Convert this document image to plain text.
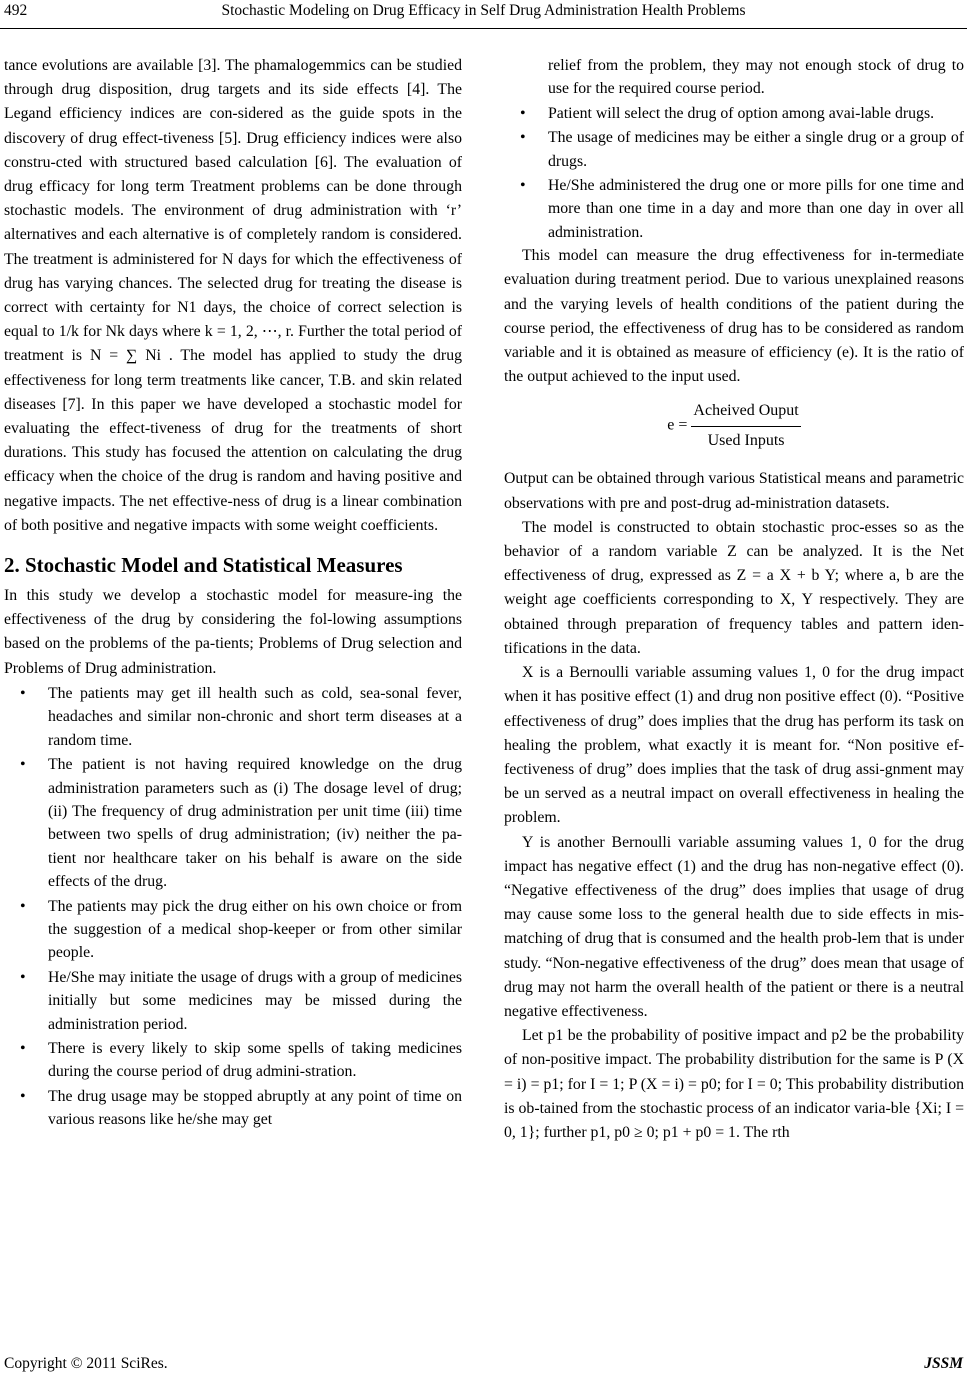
492	Stochastic Modeling on Drug Efficacy in Self Drug Administration Health Problems

tance evolutions are available [3]. The phamalogemmics can be studied through drug disposition, drug targets and its side effects [4]. The Legand efficiency indices are con-sidered as the guide spots in the discovery of drug effect-tiveness [5]. Drug efficiency indices were also constru-cted with structured based calculation [6]. The evaluation of drug efficacy for long term Treatment problems can be done through stochastic models. The environment of drug administration with ‘r’ alternatives and each alternative is of completely random is considered. The treatment is administered for N days for which the effectiveness of drug has varying chances. The selected drug for treating the disease is correct with certainty for N1 days, the choice of correct selection is equal to 1/k for Nk days where k = 1, 2, ⋯, r. Further the total period of treatment is N = ∑ Ni . The model has applied to study the drug effectiveness for long term treatments like cancer, T.B. and skin related diseases [7]. In this paper we have developed a stochastic model for evaluating the effect-tiveness of drug for the treatments of short durations. This study has focused the attention on calculating the drug efficacy when the choice of the drug is random and having positive and negative impacts. The net effective-ness of drug is a linear combination of both positive and negative impacts with some weight coefficients.

2. Stochastic Model and Statistical Measures

In this study we develop a stochastic model for measure-ing the effectiveness of the drug by considering the fol-lowing assumptions based on the problems of the pa-tients; Problems of Drug selection and Problems of Drug administration.

• The patients may get ill health such as cold, sea-sonal fever, headaches and similar non-chronic and short term diseases at a random time.
• The patient is not having required knowledge on the drug administration parameters such as (i) The dosage level of drug; (ii) The frequency of drug administration per unit time (iii) time between two spells of drug administration; (iv) neither the pa-tient nor healthcare taker on his behalf is aware on the side effects of the drug.
• The patients may pick the drug either on his own choice or from the suggestion of a medical shop-keeper or from other similar people.
• He/She may initiate the usage of drugs with a group of medicines initially but some medicines may be missed during the administration period.
• There is every likely to skip some spells of taking medicines during the course period of drug admini-stration.
• The drug usage may be stopped abruptly at any point of time on various reasons like he/she may get
relief from the problem, they may not enough stock of drug to use for the required course period.
• Patient will select the drug of option among avai-lable drugs.
• The usage of medicines may be either a single drug or a group of drugs.
• He/She administered the drug one or more pills for one time and more than one time in a day and more than one day in over all administration.

This model can measure the drug effectiveness for in-termediate evaluation during treatment period. Due to various unexplained reasons and the varying levels of health conditions of the patient during the course period, the effectiveness of drug has to be considered as random variable and it is obtained as measure of efficiency (e). It is the ratio of the output achieved to the input used.

$e = \frac{\text{Acheived Ouput}}{\text{Used Inputs}}$

Output can be obtained through various Statistical means and parametric observations with pre and post-drug ad-ministration datasets.

The model is constructed to obtain stochastic proc-esses so as the behavior of a random variable Z can be analyzed. It is the Net effectiveness of drug, expressed as Z = a X + b Y; where a, b are the weight age coefficients corresponding to X, Y respectively. They are obtained through preparation of frequency tables and pattern iden-tifications in the data.

X is a Bernoulli variable assuming values 1, 0 for the drug impact when it has positive effect (1) and drug non positive effect (0). “Positive effectiveness of drug” does implies that the drug has perform its task on healing the problem, what exactly it is meant for. “Non positive ef-fectiveness of drug” does implies that the task of drug assi-gnment may be un served as a neutral impact on overall effectiveness in healing the problem.

Y is another Bernoulli variable assuming values 1, 0 for the drug impact has negative effect (1) and the drug has non-negative effect (0). “Negative effectiveness of the drug” does implies that usage of drug may cause some loss to the general health due to side effects in mis-matching of drug that is consumed and the health prob-lem that is under study. “Non-negative effectiveness of the drug” does mean that usage of drug may not harm the overall health of the patient or there is a neutral negative effectiveness.

Let p1 be the probability of positive impact and p2 be the probability of non-positive impact. The probability distribution for the same is P (X = i) = p1; for I = 1; P (X = i) = p0; for I = 0; This probability distribution is ob-tained from the stochastic process of an indicator varia-ble {Xi; I = 0, 1}; further p1, p0 ≥ 0; p1 + p0 = 1. The rth

Copyright © 2011 SciRes.	JSSM
